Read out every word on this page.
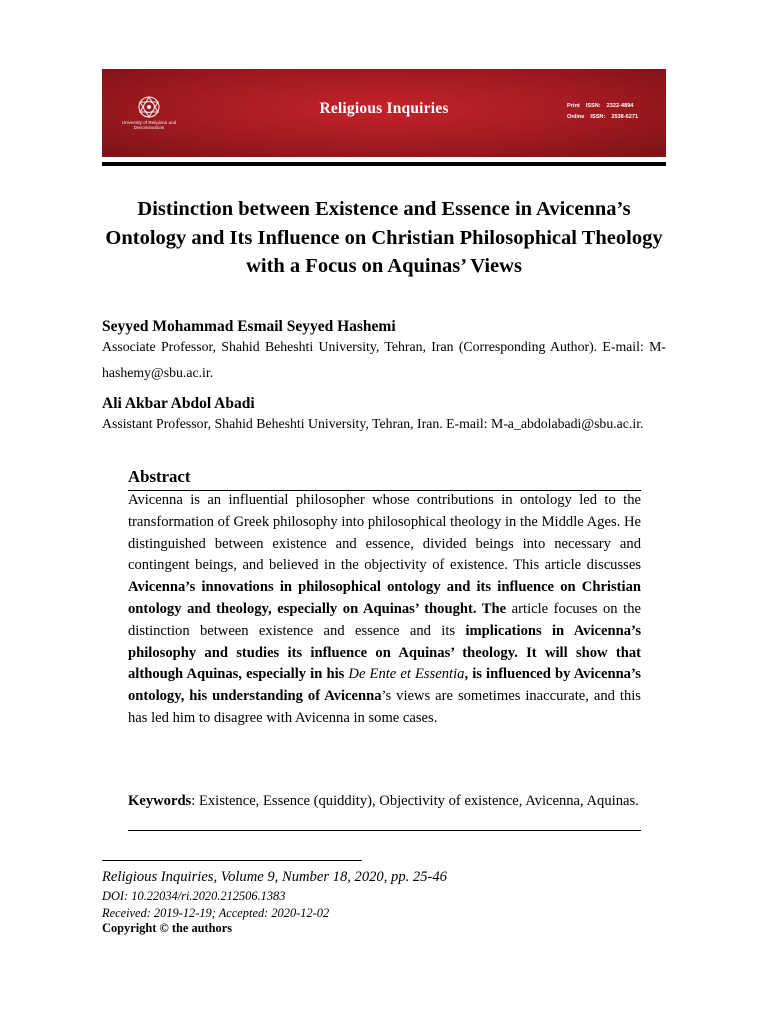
University of Religions and Denominations
Religious Inquiries	Print ISSN: 2322-4894
Online ISSN: 2538-6271
Distinction between Existence and Essence in Avicenna’s Ontology and Its Influence on Christian Philosophical Theology with a Focus on Aquinas’ Views
Seyyed Mohammad Esmail Seyyed Hashemi
Associate Professor, Shahid Beheshti University, Tehran, Iran (Corresponding Author). E-mail: M-hashemy@sbu.ac.ir.
Ali Akbar Abdol Abadi
Assistant Professor, Shahid Beheshti University, Tehran, Iran. E-mail: M-a_abdolabadi@sbu.ac.ir.
Abstract
Avicenna is an influential philosopher whose contributions in ontology led to the transformation of Greek philosophy into philosophical theology in the Middle Ages. He distinguished between existence and essence, divided beings into necessary and contingent beings, and believed in the objectivity of existence. This article discusses Avicenna’s innovations in philosophical ontology and its influence on Christian ontology and theology, especially on Aquinas’ thought. The article focuses on the distinction between existence and essence and its implications in Avicenna’s philosophy and studies its influence on Aquinas’ theology. It will show that although Aquinas, especially in his De Ente et Essentia, is influenced by Avicenna’s ontology, his understanding of Avicenna’s views are sometimes inaccurate, and this has led him to disagree with Avicenna in some cases.
Keywords: Existence, Essence (quiddity), Objectivity of existence, Avicenna, Aquinas.
Religious Inquiries, Volume 9, Number 18, 2020, pp. 25-46
DOI: 10.22034/ri.2020.212506.1383
Received: 2019-12-19; Accepted: 2020-12-02
Copyright © the authors
